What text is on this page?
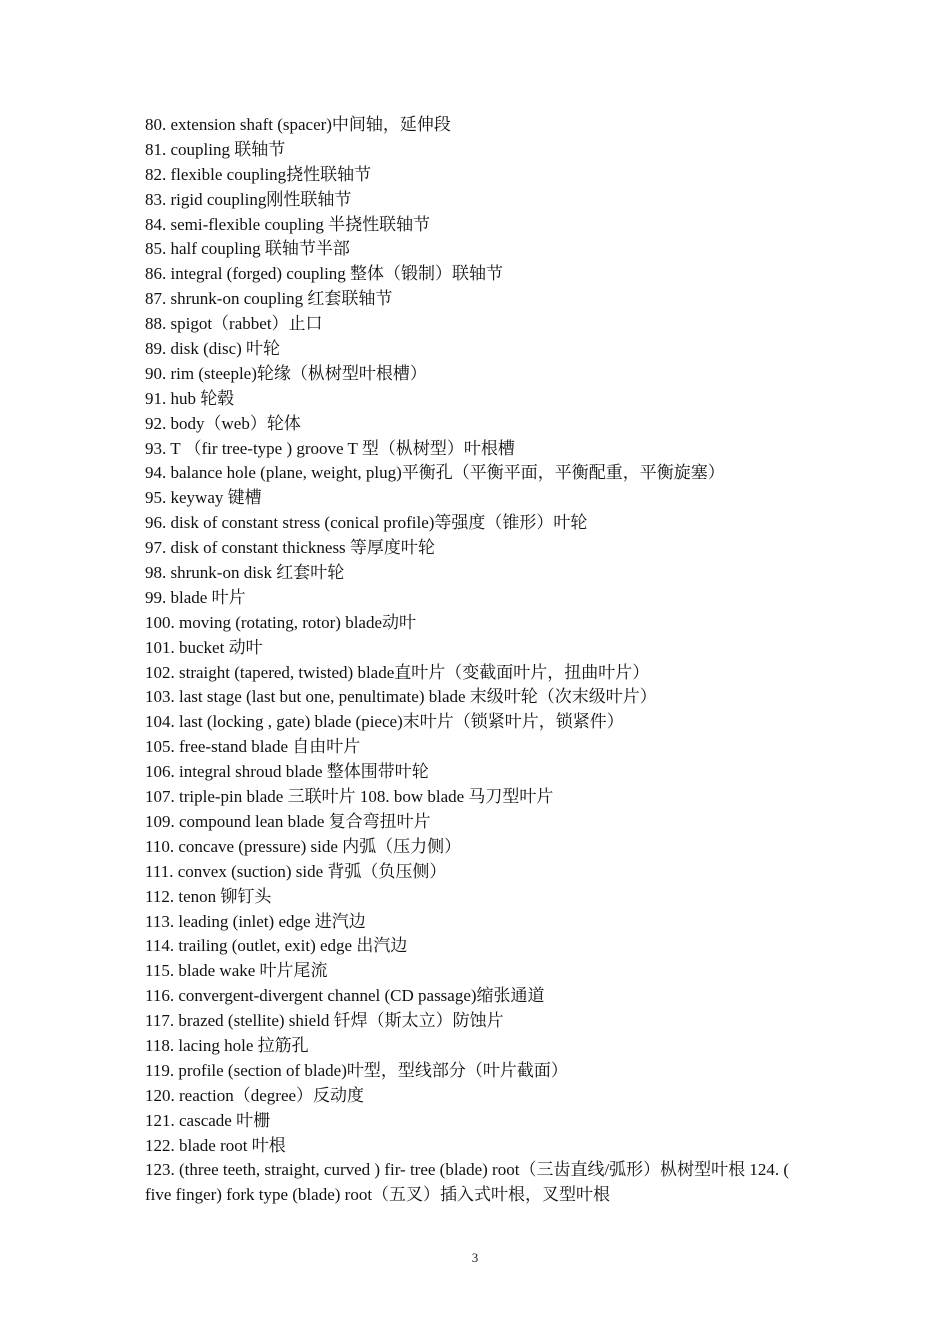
80. extension shaft (spacer)中间轴，延伸段
81. coupling 联轴节
82. flexible coupling挠性联轴节
83. rigid coupling刚性联轴节
84. semi-flexible coupling 半挠性联轴节
85. half coupling 联轴节半部
86. integral (forged) coupling 整体（锻制）联轴节
87. shrunk-on coupling 红套联轴节
88. spigot（rabbet）止口
89. disk (disc) 叶轮
90. rim (steeple)轮缘（枞树型叶根槽）
91. hub 轮毂
92. body（web）轮体
93. T （fir tree-type ) groove T 型（枞树型）叶根槽
94. balance hole (plane, weight, plug)平衡孔（平衡平面，平衡配重，平衡旋塞）
95. keyway 键槽
96. disk of constant stress (conical profile)等强度（锥形）叶轮
97. disk of constant thickness 等厚度叶轮
98. shrunk-on disk 红套叶轮
99. blade 叶片
100. moving (rotating, rotor) blade动叶
101. bucket 动叶
102. straight (tapered, twisted) blade直叶片（变截面叶片，扭曲叶片）
103. last stage (last but one, penultimate) blade 末级叶轮（次末级叶片）
104. last (locking , gate) blade (piece)末叶片（锁紧叶片，锁紧件）
105. free-stand blade 自由叶片
106. integral shroud blade 整体围带叶轮
107. triple-pin blade 三联叶片 108. bow blade 马刀型叶片
109. compound lean blade 复合弯扭叶片
110. concave (pressure) side 内弧（压力侧）
111. convex (suction) side 背弧（负压侧）
112. tenon 铆钉头
113. leading (inlet) edge 进汽边
114. trailing (outlet, exit) edge 出汽边
115. blade wake 叶片尾流
116. convergent-divergent channel (CD passage)缩张通道
117. brazed (stellite) shield 钎焊（斯太立）防蚀片
118. lacing hole 拉筋孔
119. profile (section of blade)叶型，型线部分（叶片截面）
120. reaction（degree）反动度
121. cascade 叶栅
122. blade root 叶根
123. (three teeth, straight, curved ) fir- tree (blade) root（三齿直线/弧形）枞树型叶根 124. ( five finger) fork type (blade) root（五叉）插入式叶根，叉型叶根
3
